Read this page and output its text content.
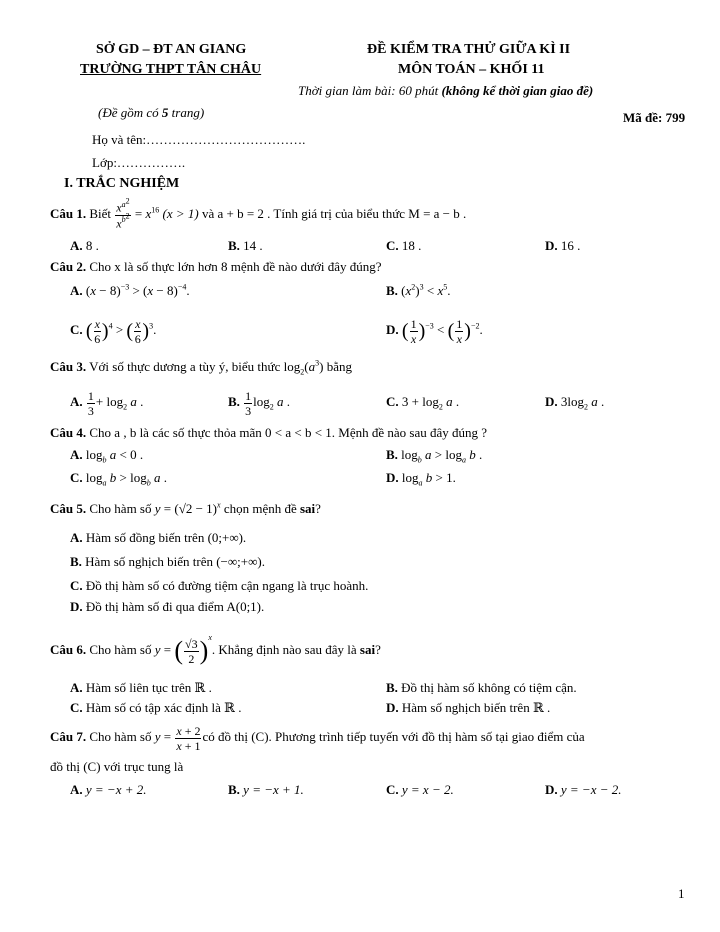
SỞ GD – ĐT AN GIANG
TRƯỜNG THPT TÂN CHÂU
ĐỀ KIỂM TRA THỬ GIỮA KÌ II
MÔN TOÁN – KHỐI 11
Thời gian làm bài: 60 phút (không kể thời gian giao đề)
(Đề gồm có 5 trang)	Mã đề: 799
Họ và tên:……………………………….
Lớp:…………….
I. TRẮC NGHIỆM
Câu 1. Biết $\frac{x^{a^2}}{x^{b^2}} = x^{16}$ (x > 1) và a + b = 2 . Tính giá trị của biểu thức M = a − b .
A. 8 .	B. 14 .	C. 18 .	D. 16 .
Câu 2. Cho x là số thực lớn hơn 8 mệnh đề nào dưới đây đúng?
A. $(x - 8)^{-3} > (x - 8)^{-4}$.	B. $(x^2)^3 < x^5$.
C. ( $\frac{x}{6} )^4$ > ( $\frac{x}{6} )^3$.	D. ( $\frac{1}{x} )^{-3}$ < ( $\frac{1}{x} )^{-2}$.
Câu 3. Với số thực dương a tùy ý, biểu thức $\log_2(a^3)$ bằng
A. $\frac{1}{3} + \log_2 a$ .	B. $\frac{1}{3} \log_2 a$ .	C. $3 + \log_2 a$ .	D. $3\log_2$ a .
Câu 4. Cho a , b là các số thực thỏa mãn 0 < a < b < 1. Mệnh đề nào sau đây đúng ?
A. $\log_b a < 0$ .	B. $\log_b a > \log_a b$ .
C. $\log_a b > \log_b a$ .	D. $\log_a b > 1$.
Câu 5. Cho hàm số $y = (√2 - 1)^x$ chọn mệnh đề sai?
A. Hàm số đồng biến trên (0;+∞).
B. Hàm số nghịch biến trên (−∞;+∞).
C. Đồ thị hàm số có đường tiệm cận ngang là trục hoành.
D. Đồ thị hàm số đi qua điểm A(0;1).
Câu 6. Cho hàm số y = ( $\frac{√3}{2} )^x$. Khẳng định nào sau đây là sai?
A. Hàm số liên tục trên ℝ .	B. Đồ thị hàm số không có tiệm cận.
C. Hàm số có tập xác định là ℝ .	D. Hàm số nghịch biến trên ℝ .
Câu 7. Cho hàm số $y = \frac{x + 2}{x + 1}$ có đồ thị (C). Phương trình tiếp tuyến với đồ thị hàm số tại giao điểm của
đồ thị (C) với trục tung là
A. y = −x + 2.	B. y = −x + 1.	C. y = x − 2.	D. y = −x − 2.
1
